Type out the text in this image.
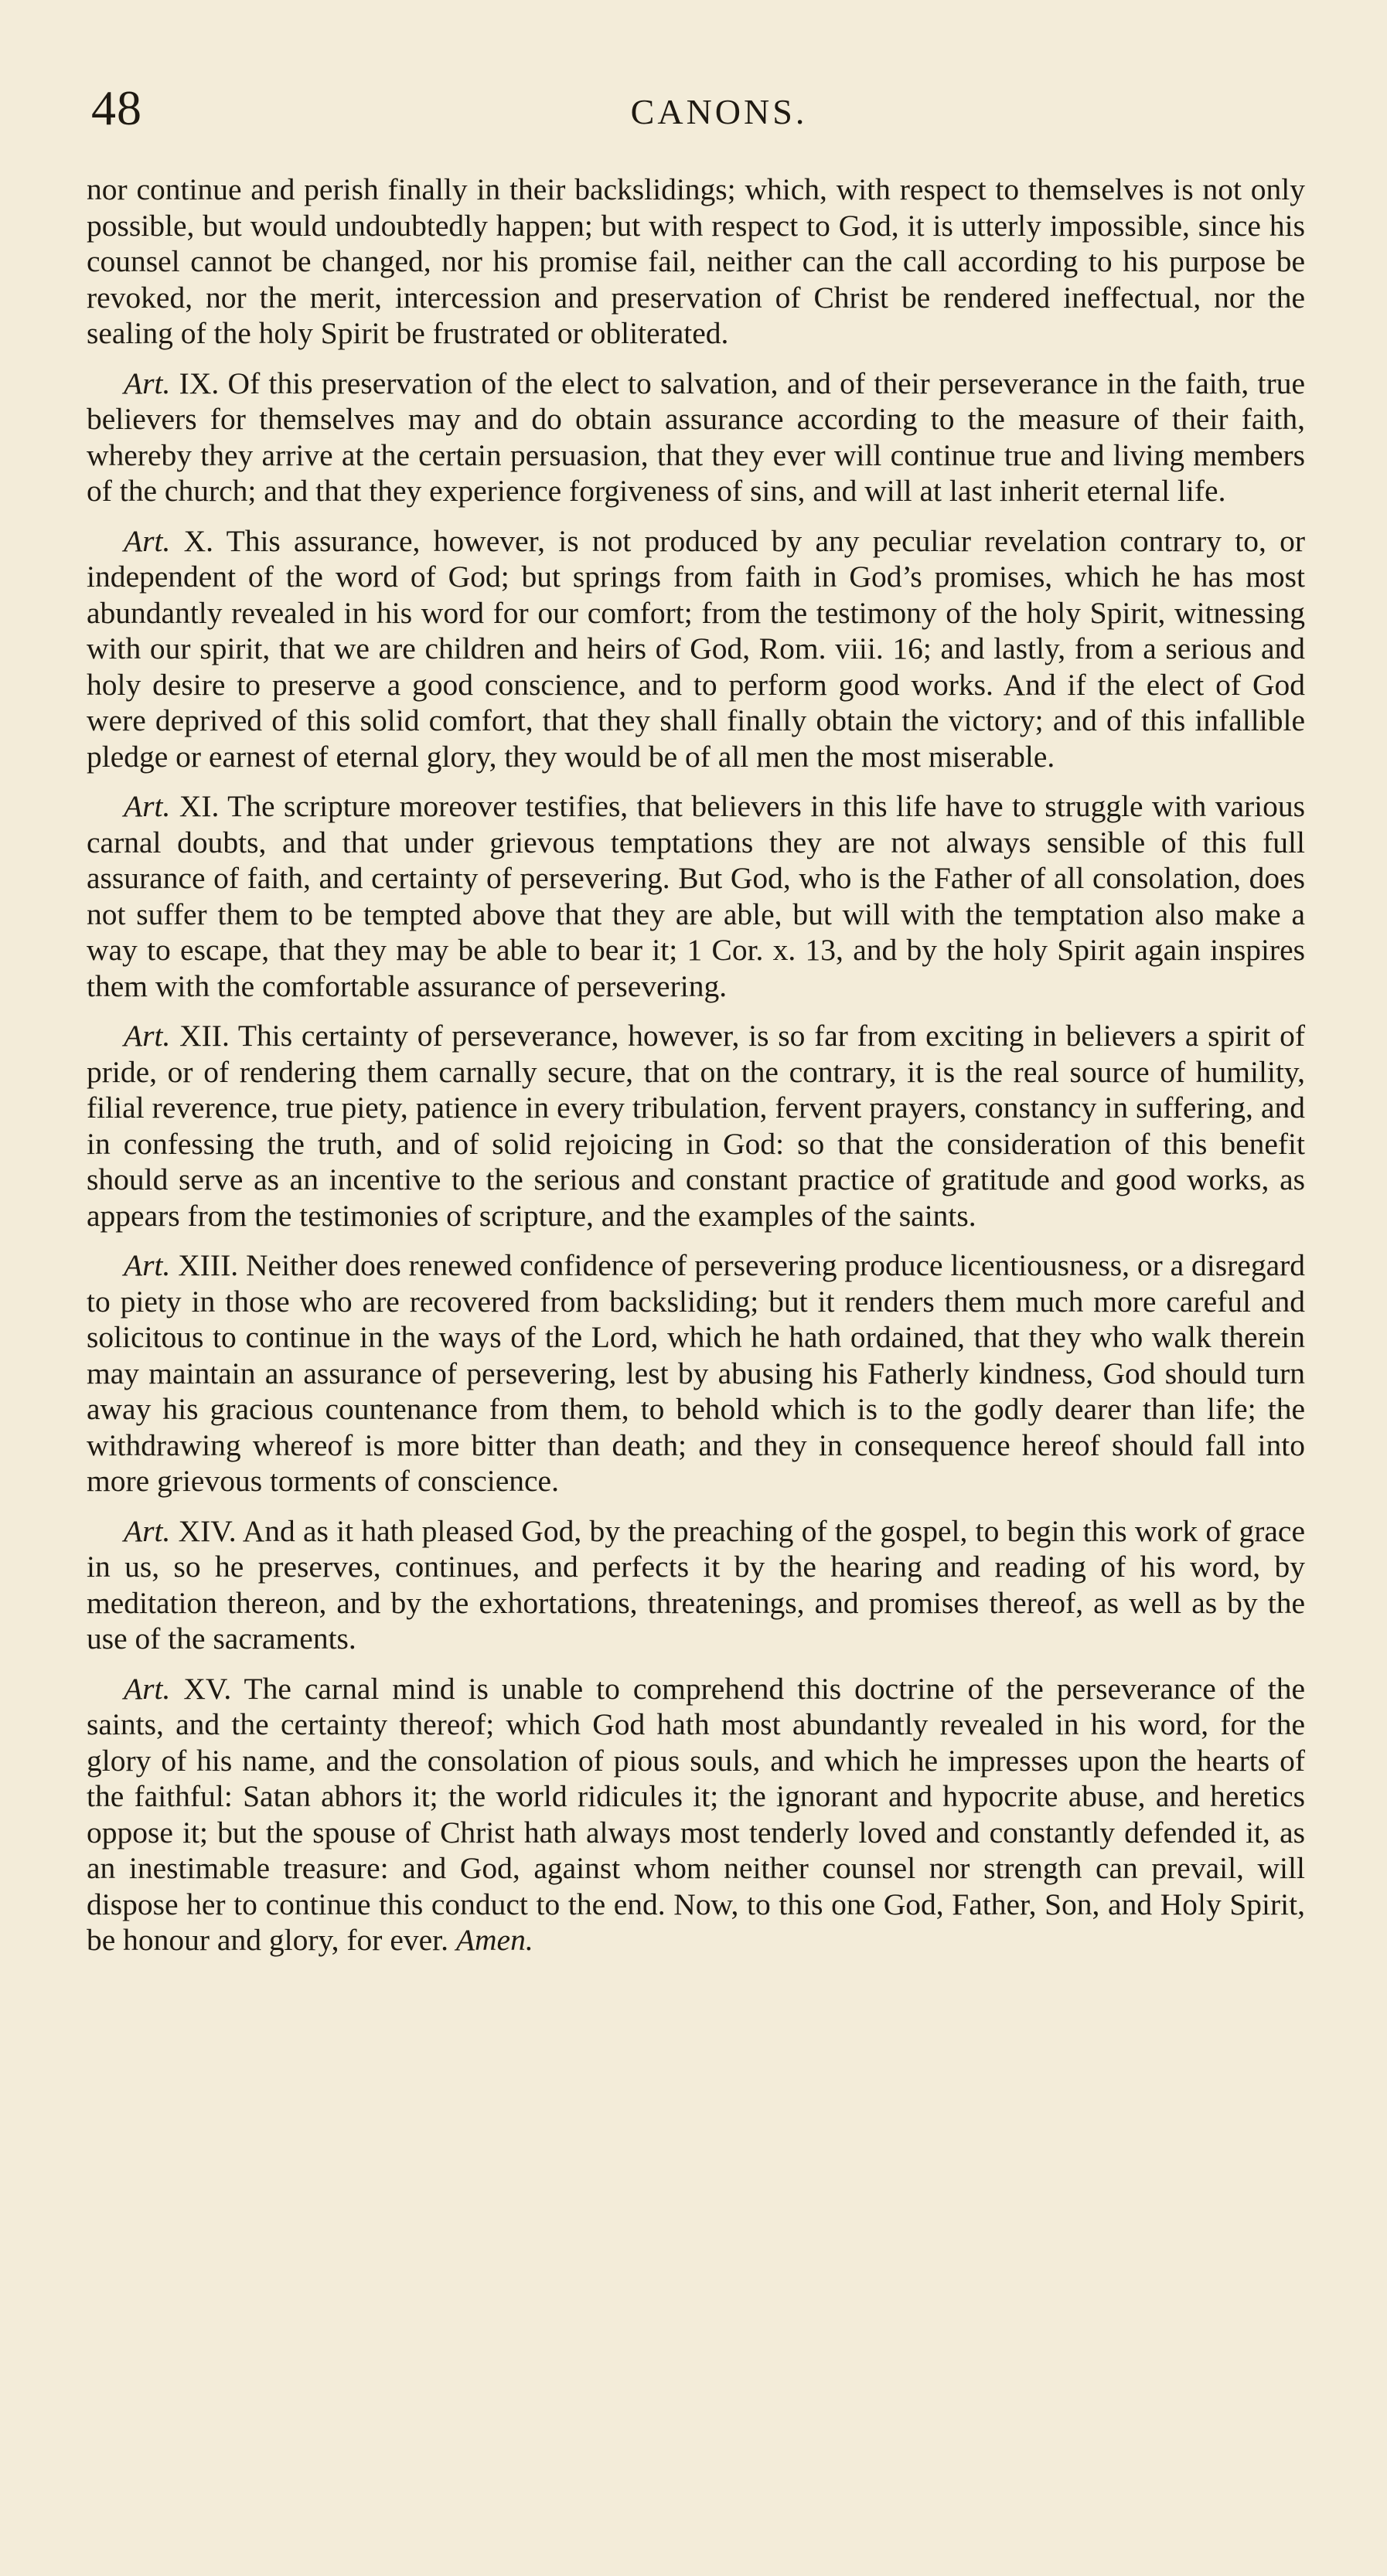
48	CANONS.

nor continue and perish finally in their backslidings; which, with respect to themselves is not only possible, but would undoubtedly happen; but with respect to God, it is utterly impossible, since his counsel cannot be changed, nor his promise fail, neither can the call according to his purpose be revoked, nor the merit, intercession and preservation of Christ be rendered ineffectual, nor the sealing of the holy Spirit be frustrated or obliterated.

Art. IX. Of this preservation of the elect to salvation, and of their perseverance in the faith, true believers for themselves may and do obtain assurance according to the measure of their faith, whereby they arrive at the certain persuasion, that they ever will continue true and living members of the church; and that they experience forgiveness of sins, and will at last inherit eternal life.

Art. X. This assurance, however, is not produced by any peculiar revelation contrary to, or independent of the word of God; but springs from faith in God’s promises, which he has most abundantly revealed in his word for our comfort; from the testimony of the holy Spirit, witnessing with our spirit, that we are children and heirs of God, Rom. viii. 16; and lastly, from a serious and holy desire to preserve a good conscience, and to perform good works. And if the elect of God were deprived of this solid comfort, that they shall finally obtain the victory; and of this infallible pledge or earnest of eternal glory, they would be of all men the most miserable.

Art. XI. The scripture moreover testifies, that believers in this life have to struggle with various carnal doubts, and that under grievous temptations they are not always sensible of this full assurance of faith, and certainty of persevering. But God, who is the Father of all consolation, does not suffer them to be tempted above that they are able, but will with the temptation also make a way to escape, that they may be able to bear it; 1 Cor. x. 13, and by the holy Spirit again inspires them with the comfortable assurance of persevering.

Art. XII. This certainty of perseverance, however, is so far from exciting in believers a spirit of pride, or of rendering them carnally secure, that on the contrary, it is the real source of humility, filial reverence, true piety, patience in every tribulation, fervent prayers, constancy in suffering, and in confessing the truth, and of solid rejoicing in God: so that the consideration of this benefit should serve as an incentive to the serious and constant practice of gratitude and good works, as appears from the testimonies of scripture, and the examples of the saints.

Art. XIII. Neither does renewed confidence of persevering produce licentiousness, or a disregard to piety in those who are recovered from backsliding; but it renders them much more careful and solicitous to continue in the ways of the Lord, which he hath ordained, that they who walk therein may maintain an assurance of persevering, lest by abusing his Fatherly kindness, God should turn away his gracious countenance from them, to behold which is to the godly dearer than life; the withdrawing whereof is more bitter than death; and they in consequence hereof should fall into more grievous torments of conscience.

Art. XIV. And as it hath pleased God, by the preaching of the gospel, to begin this work of grace in us, so he preserves, continues, and perfects it by the hearing and reading of his word, by meditation thereon, and by the exhortations, threatenings, and promises thereof, as well as by the use of the sacraments.

Art. XV. The carnal mind is unable to comprehend this doctrine of the perseverance of the saints, and the certainty thereof; which God hath most abundantly revealed in his word, for the glory of his name, and the consolation of pious souls, and which he impresses upon the hearts of the faithful: Satan abhors it; the world ridicules it; the ignorant and hypocrite abuse, and heretics oppose it; but the spouse of Christ hath always most tenderly loved and constantly defended it, as an inestimable treasure: and God, against whom neither counsel nor strength can prevail, will dispose her to continue this conduct to the end. Now, to this one God, Father, Son, and Holy Spirit, be honour and glory, for ever. Amen.
